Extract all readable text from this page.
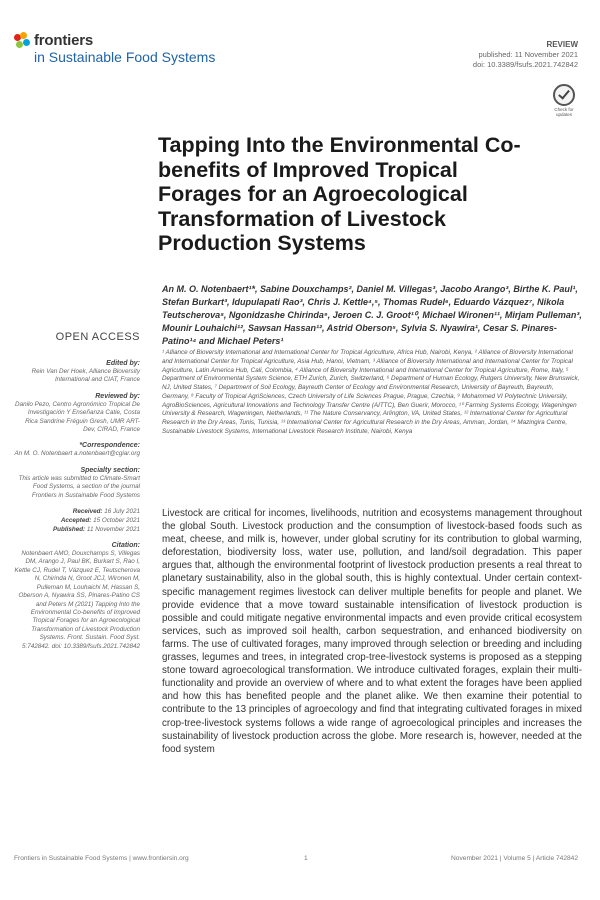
frontiers
in Sustainable Food Systems
REVIEW
published: 11 November 2021
doi: 10.3389/fsufs.2021.742842
Check for updates
Tapping Into the Environmental Co-benefits of Improved Tropical Forages for an Agroecological Transformation of Livestock Production Systems
An M. O. Notenbaert¹*, Sabine Douxchamps², Daniel M. Villegas³, Jacobo Arango³, Birthe K. Paul¹, Stefan Burkart³, Idupulapati Rao³, Chris J. Kettle⁴,⁵, Thomas Rudel⁶, Eduardo Vázquez⁷, Nikola Teutscherova⁸, Ngonidzashe Chirinda⁹, Jeroen C. J. Groot¹⁰, Michael Wironen¹¹, Mirjam Pulleman³, Mounir Louhaichi¹², Sawsan Hassan¹², Astrid Oberson⁵, Sylvia S. Nyawira¹, Cesar S. Pinares-Patino¹⁴ and Michael Peters¹
¹ Alliance of Bioversity International and International Center for Tropical Agriculture, Africa Hub, Nairobi, Kenya, ² Alliance of Bioversity International and International Center for Tropical Agriculture, Asia Hub, Hanoi, Vietnam, ³ Alliance of Bioversity International and International Center for Tropical Agriculture, Latin America Hub, Cali, Colombia, ⁴ Alliance of Bioversity International and International Center for Tropical Agriculture, Rome, Italy, ⁵ Department of Environmental System Science, ETH Zurich, Zurich, Switzerland, ⁶ Department of Human Ecology, Rutgers University, New Brunswick, NJ, United States, ⁷ Department of Soil Ecology, Bayreuth Center of Ecology and Environmental Research, University of Bayreuth, Bayreuth, Germany, ⁸ Faculty of Tropical AgriSciences, Czech University of Life Sciences Prague, Prague, Czechia, ⁹ Mohammed VI Polytechnic University, AgroBioSciences, Agricultural Innovations and Technology Transfer Centre (AITTC), Ben Guerir, Morocco, ¹⁰ Farming Systems Ecology, Wageningen University & Research, Wageningen, Netherlands, ¹¹ The Nature Conservancy, Arlington, VA, United States, ¹² International Center for Agricultural Research in the Dry Areas, Tunis, Tunisia, ¹³ International Center for Agricultural Research in the Dry Areas, Amman, Jordan, ¹⁴ Mazingira Centre, Sustainable Livestock Systems, International Livestock Research Institute, Nairobi, Kenya
Livestock are critical for incomes, livelihoods, nutrition and ecosystems management throughout the global South. Livestock production and the consumption of livestock-based foods such as meat, cheese, and milk is, however, under global scrutiny for its contribution to global warming, deforestation, biodiversity loss, water use, pollution, and land/soil degradation. This paper argues that, although the environmental footprint of livestock production presents a real threat to planetary sustainability, also in the global south, this is highly contextual. Under certain context-specific management regimes livestock can deliver multiple benefits for people and planet. We provide evidence that a move toward sustainable intensification of livestock production is possible and could mitigate negative environmental impacts and even provide critical ecosystem services, such as improved soil health, carbon sequestration, and enhanced biodiversity on farms. The use of cultivated forages, many improved through selection or breeding and including grasses, legumes and trees, in integrated crop-tree-livestock systems is proposed as a stepping stone toward agroecological transformation. We introduce cultivated forages, explain their multi-functionality and provide an overview of where and to what extent the forages have been applied and how this has benefited people and the planet alike. We then examine their potential to contribute to the 13 principles of agroecology and find that integrating cultivated forages in mixed crop-tree-livestock systems follows a wide range of agroecological principles and increases the sustainability of livestock production across the globe. More research is, however, needed at the food system
OPEN ACCESS
Edited by:
Rein Van Der Hoek, Alliance Bioversity International and CIAT, France
Reviewed by:
Danilo Pezo, Centro Agronómico Tropical De Investigación Y Enseñanza Catie, Costa Rica Sandrine Fréguin Gresh, UMR ART-Dev, CIRAD, France
*Correspondence:
An M. O. Notenbaert a.notenbaert@cgiar.org
Specialty section:
This article was submitted to Climate-Smart Food Systems, a section of the journal Frontiers in Sustainable Food Systems
Received: 16 July 2021
Accepted: 15 October 2021
Published: 11 November 2021
Citation:
Notenbaert AMO, Douxchamps S, Villegas DM, Arango J, Paul BK, Burkart S, Rao I, Kettle CJ, Rudel T, Vázquez E, Teutscherova N, Chirinda N, Groot JCJ, Wironen M, Pulleman M, Louhaichi M, Hassan S, Oberson A, Nyawira SS, Pinares-Patino CS and Peters M (2021) Tapping Into the Environmental Co-benefits of Improved Tropical Forages for an Agroecological Transformation of Livestock Production Systems. Front. Sustain. Food Syst. 5:742842. doi: 10.3389/fsufs.2021.742842
Frontiers in Sustainable Food Systems | www.frontiersin.org	1	November 2021 | Volume 5 | Article 742842
